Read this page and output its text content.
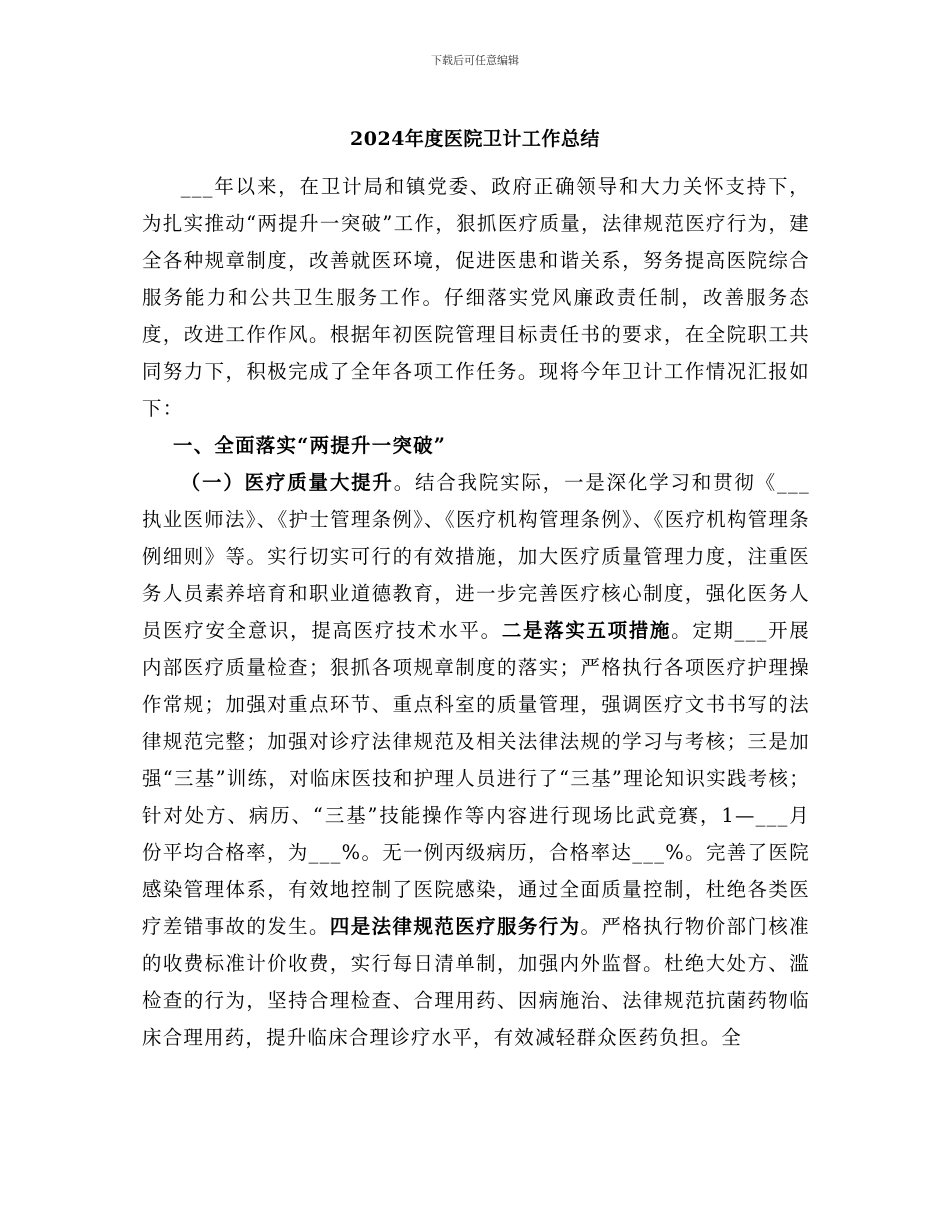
下载后可任意编辑
2024年度医院卫计工作总结

___年以来，在卫计局和镇党委、政府正确领导和大力关怀支持下，为扎实推动“两提升一突破”工作，狠抓医疗质量，法律规范医疗行为，建全各种规章制度，改善就医环境，促进医患和谐关系，努务提高医院综合服务能力和公共卫生服务工作。仔细落实党风廉政责任制，改善服务态度，改进工作作风。根据年初医院管理目标责任书的要求，在全院职工共同努力下，积极完成了全年各项工作任务。现将今年卫计工作情况汇报如下：

一、全面落实“两提升一突破”

（一）医疗质量大提升。结合我院实际，一是深化学习和贯彻《___执业医师法》、《护士管理条例》、《医疗机构管理条例》、《医疗机构管理条例细则》等。实行切实可行的有效措施，加大医疗质量管理力度，注重医务人员素养培育和职业道德教育，进一步完善医疗核心制度，强化医务人员医疗安全意识，提高医疗技术水平。二是落实五项措施。定期___开展内部医疗质量检查；狠抓各项规章制度的落实；严格执行各项医疗护理操作常规；加强对重点环节、重点科室的质量管理，强调医疗文书书写的法律规范完整；加强对诊疗法律规范及相关法律法规的学习与考核；三是加强“三基”训练，对临床医技和护理人员进行了“三基”理论知识实践考核；针对处方、病历、“三基”技能操作等内容进行现场比武竞赛，1—___月份平均合格率，为___%。无一例丙级病历，合格率达___%。完善了医院感染管理体系，有效地控制了医院感染，通过全面质量控制，杜绝各类医疗差错事故的发生。四是法律规范医疗服务行为。严格执行物价部门核准的收费标准计价收费，实行每日清单制，加强内外监督。杜绝大处方、滥检查的行为，坚持合理检查、合理用药、因病施治、法律规范抗菌药物临床合理用药，提升临床合理诊疗水平，有效减轻群众医药负担。全
